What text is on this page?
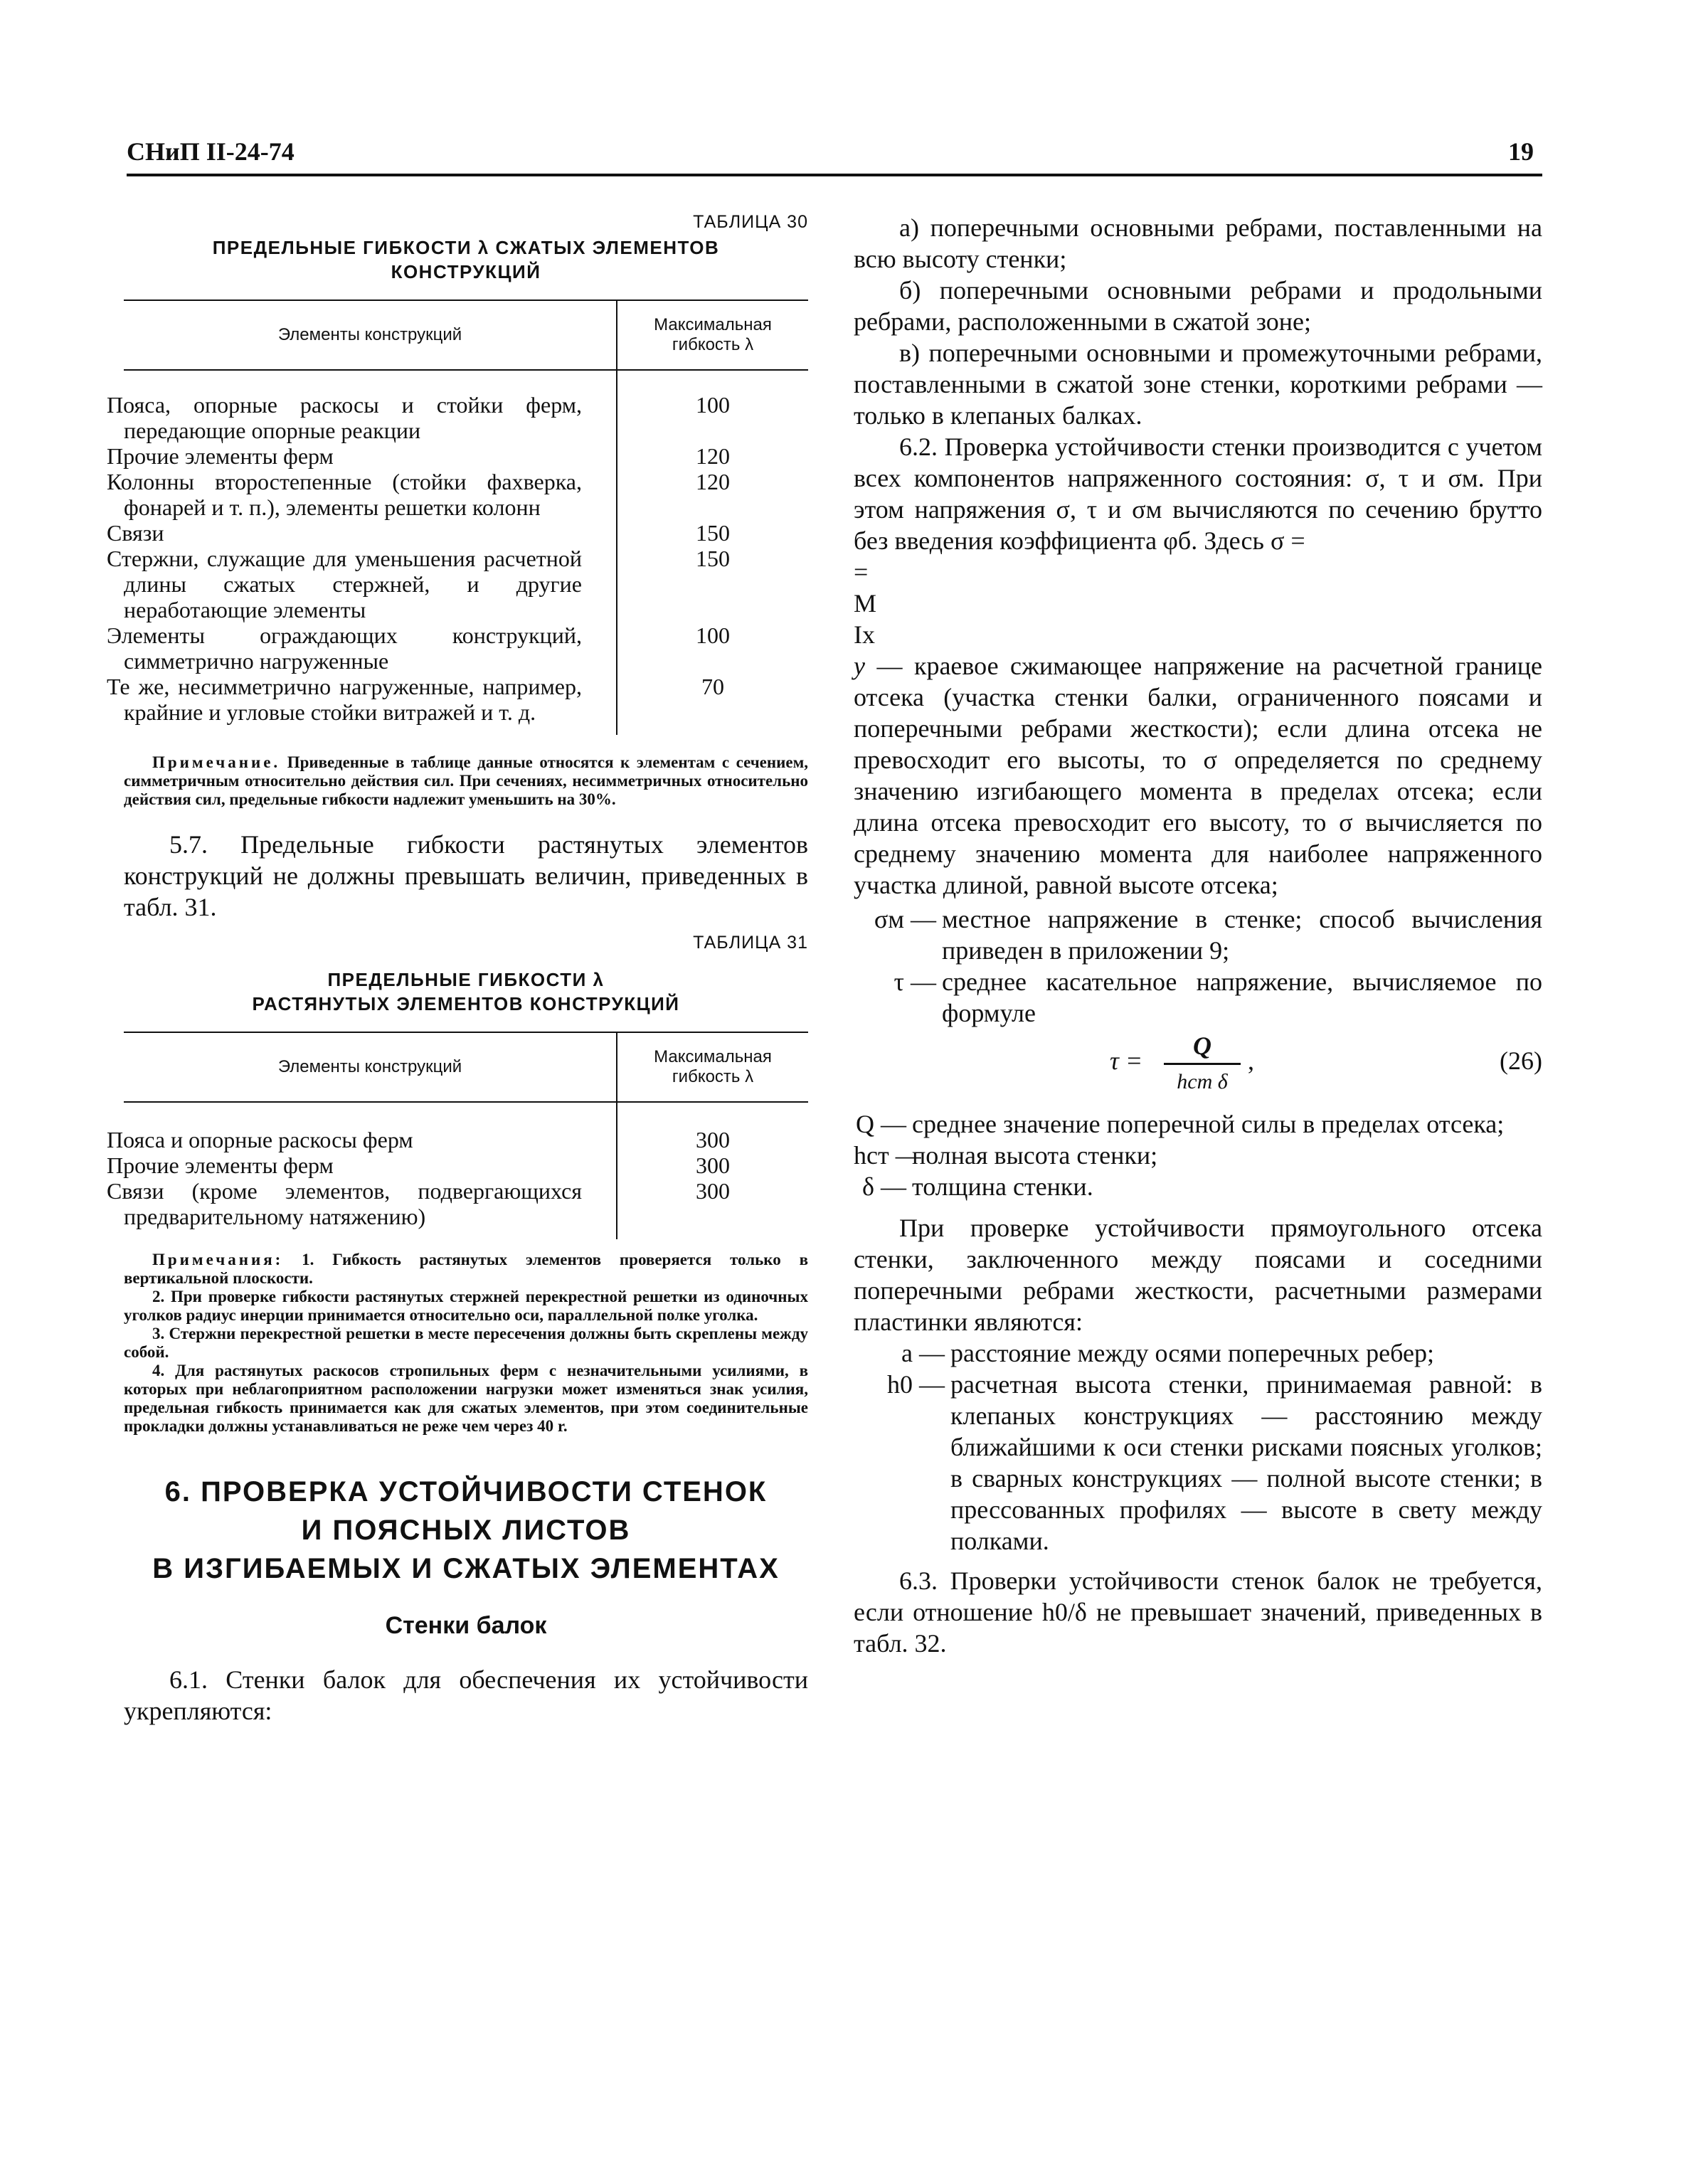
СНиП II-24-74	19
ТАБЛИЦА 30
ПРЕДЕЛЬНЫЕ ГИБКОСТИ λ СЖАТЫХ ЭЛЕМЕНТОВ
КОНСТРУКЦИЙ
Элементы конструкций	Максимальная гибкость λ
Пояса, опорные раскосы и стойки ферм, передающие опорные реакции	100
Прочие элементы ферм	120
Колонны второстепенные (стойки фахверка, фонарей и т. п.), элементы решетки колонн	120
Связи	150
Стержни, служащие для уменьшения расчетной длины сжатых стержней, и другие неработающие элементы	150
Элементы ограждающих конструкций, симметрично нагруженные	100
Те же, несимметрично нагруженные, например, крайние и угловые стойки витражей и т. д.	70

Примечание. Приведенные в таблице данные относятся к элементам с сечением, симметричным относительно действия сил. При сечениях, несимметричных относительно действия сил, предельные гибкости надлежит уменьшить на 30%.

5.7. Предельные гибкости растянутых элементов конструкций не должны превышать величин, приведенных в табл. 31.

ТАБЛИЦА 31
ПРЕДЕЛЬНЫЕ ГИБКОСТИ λ
РАСТЯНУТЫХ ЭЛЕМЕНТОВ КОНСТРУКЦИЙ
Элементы конструкций	Максимальная гибкость λ
Пояса и опорные раскосы ферм	300
Прочие элементы ферм	300
Связи (кроме элементов, подвергающихся предварительному натяжению)	300

Примечания: 1. Гибкость растянутых элементов проверяется только в вертикальной плоскости.

2. При проверке гибкости растянутых стержней перекрестной решетки из одиночных уголков радиус инерции принимается относительно оси, параллельной полке уголка.

3. Стержни перекрестной решетки в месте пересечения должны быть скреплены между собой.

4. Для растянутых раскосов стропильных ферм с незначительными усилиями, в которых при неблагоприятном расположении нагрузки может изменяться знак усилия, предельная гибкость принимается как для сжатых элементов, при этом соединительные прокладки должны устанавливаться не реже чем через 40 r.

6. ПРОВЕРКА УСТОЙЧИВОСТИ СТЕНОК
И ПОЯСНЫХ ЛИСТОВ
В ИЗГИБАЕМЫХ И СЖАТЫХ ЭЛЕМЕНТАХ
Стенки балок

6.1. Стенки балок для обеспечения их устойчивости укрепляются:

а) поперечными основными ребрами, поставленными на всю высоту стенки;

б) поперечными основными ребрами и продольными ребрами, расположенными в сжатой зоне;

в) поперечными основными и промежуточными ребрами, поставленными в сжатой зоне стенки, короткими ребрами — только в клепаных балках.

6.2. Проверка устойчивости стенки производится с учетом всех компонентов напряженного состояния: σ, τ и σм. При этом напряжения σ, τ и σм вычисляются по сечению брутто без введения коэффициента φб. Здесь σ =

=

M
Ix
y — краевое сжимающее напряжение на расчетной границе отсека (участка стенки балки, ограниченного поясами и поперечными ребрами жесткости); если длина отсека не превосходит его высоты, то σ определяется по среднему значению изгибающего момента в пределах отсека; если длина отсека превосходит его высоту, то σ вычисляется по среднему значению момента для наиболее напряженного участка длиной, равной высоте отсека;

σм — местное напряжение в стенке; способ вычисления приведен в приложении 9;
τ — среднее касательное напряжение, вычисляемое по формуле
τ =
Q
hст δ
,	(26)
Q — среднее значение поперечной силы в пределах отсека;
hст —
полная высота стенки;
δ — толщина стенки.

При проверке устойчивости прямоугольного отсека стенки, заключенного между поясами и соседними поперечными ребрами жесткости, расчетными размерами пластинки являются:

a — расстояние между осями поперечных ребер;
h0 — расчетная высота стенки, принимаемая равной: в клепаных конструкциях — расстоянию между ближайшими к оси стенки рисками поясных уголков; в сварных конструкциях — полной высоте стенки; в прессованных профилях — высоте в свету между полками.

6.3. Проверки устойчивости стенок балок не требуется, если отношение h0/δ не превышает значений, приведенных в табл. 32.
